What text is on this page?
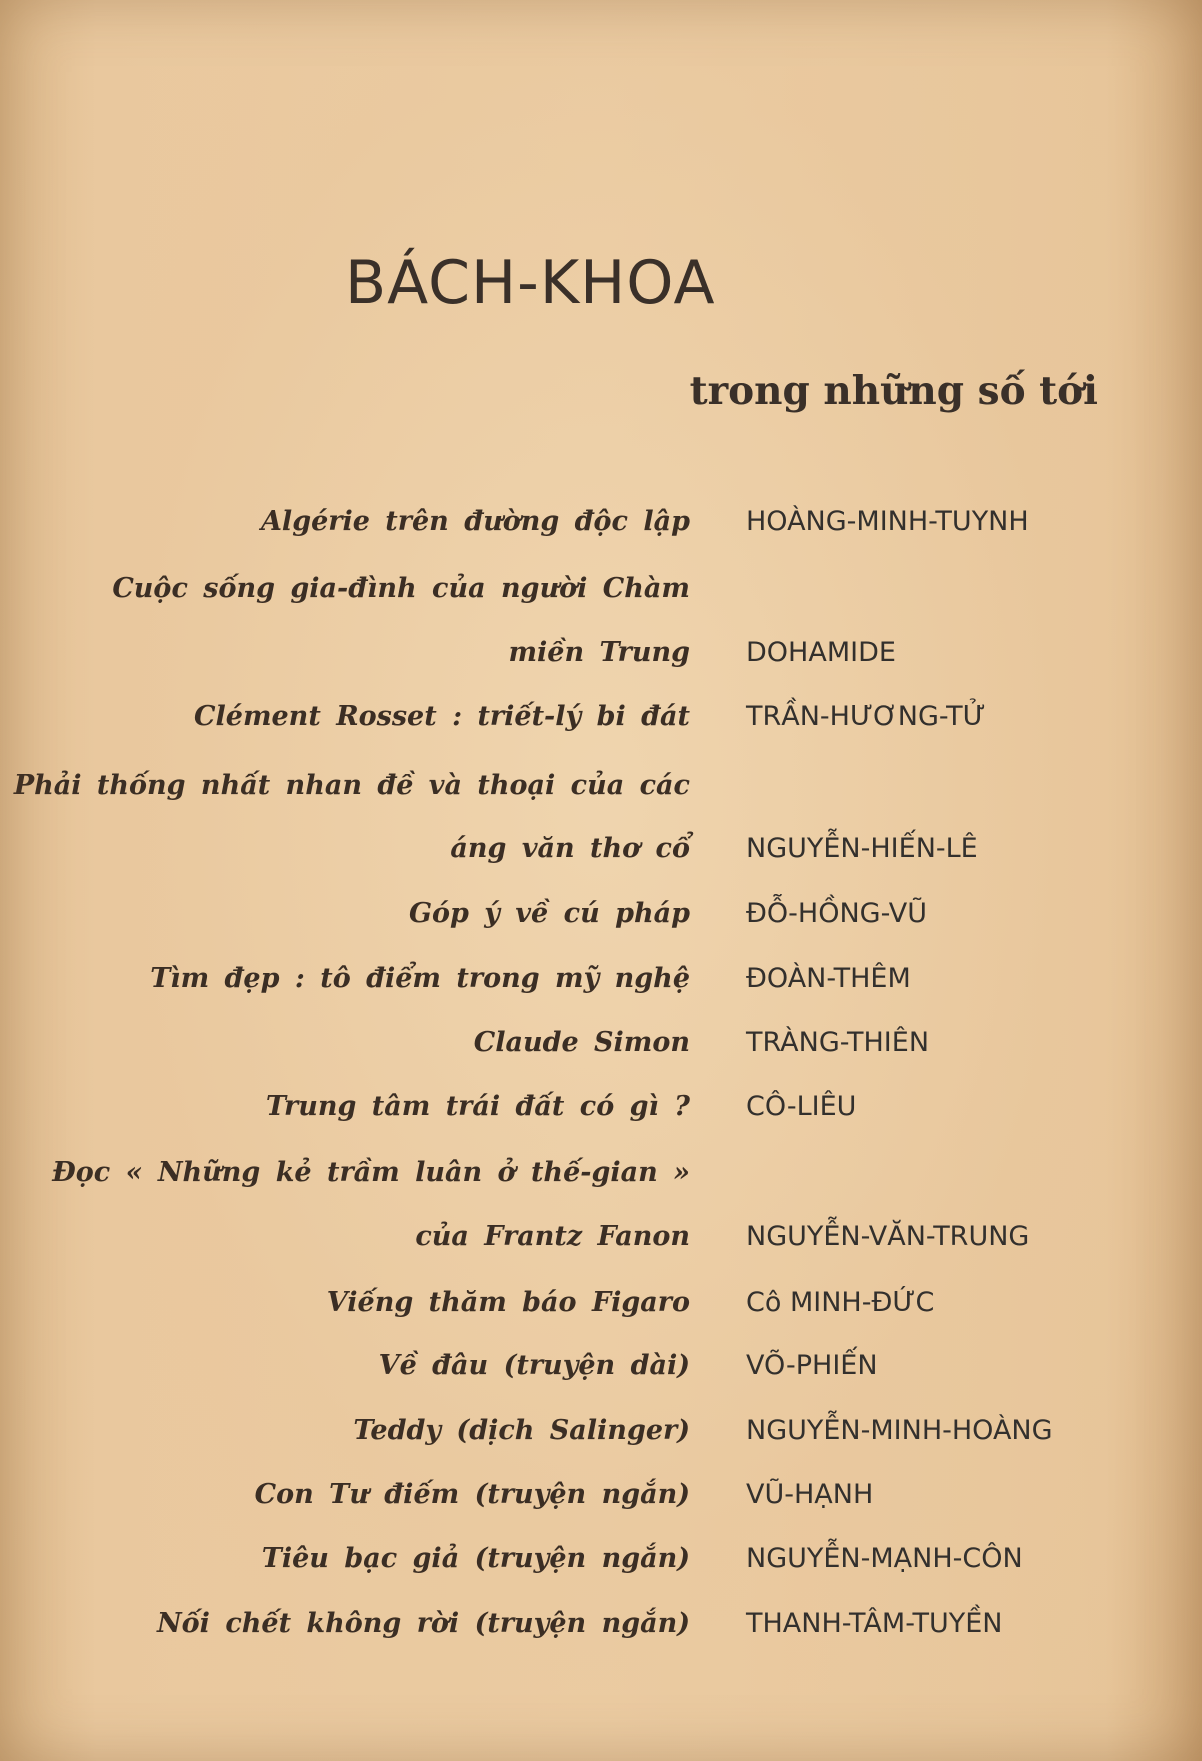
BÁCH-KHOA
trong những số tới
Algérie trên đường độc lập HOÀNG-MINH-TUYNH
Cuộc sống gia-đình của người Chàm
miền Trung DOHAMIDE
Clément Rosset : triết-lý bi đát TRẦN-HƯƠNG-TỬ
Phải thống nhất nhan đề và thoại của các
áng văn thơ cổ NGUYỄN-HIẾN-LÊ
Góp ý về cú pháp ĐỖ-HỒNG-VŨ
Tìm đẹp : tô điểm trong mỹ nghệ ĐOÀN-THÊM
Claude Simon TRÀNG-THIÊN
Trung tâm trái đất có gì ? CÔ-LIÊU
Đọc « Những kẻ trầm luân ở thế-gian »
của Frantz Fanon NGUYỄN-VĂN-TRUNG
Viếng thăm báo Figaro Cô MINH-ĐỨC
Về đâu (truyện dài) VÕ-PHIẾN
Teddy (dịch Salinger) NGUYỄN-MINH-HOÀNG
Con Tư điếm (truyện ngắn) VŨ-HẠNH
Tiêu bạc giả (truyện ngắn) NGUYỄN-MẠNH-CÔN
Nối chết không rời (truyện ngắn) THANH-TÂM-TUYỀN
